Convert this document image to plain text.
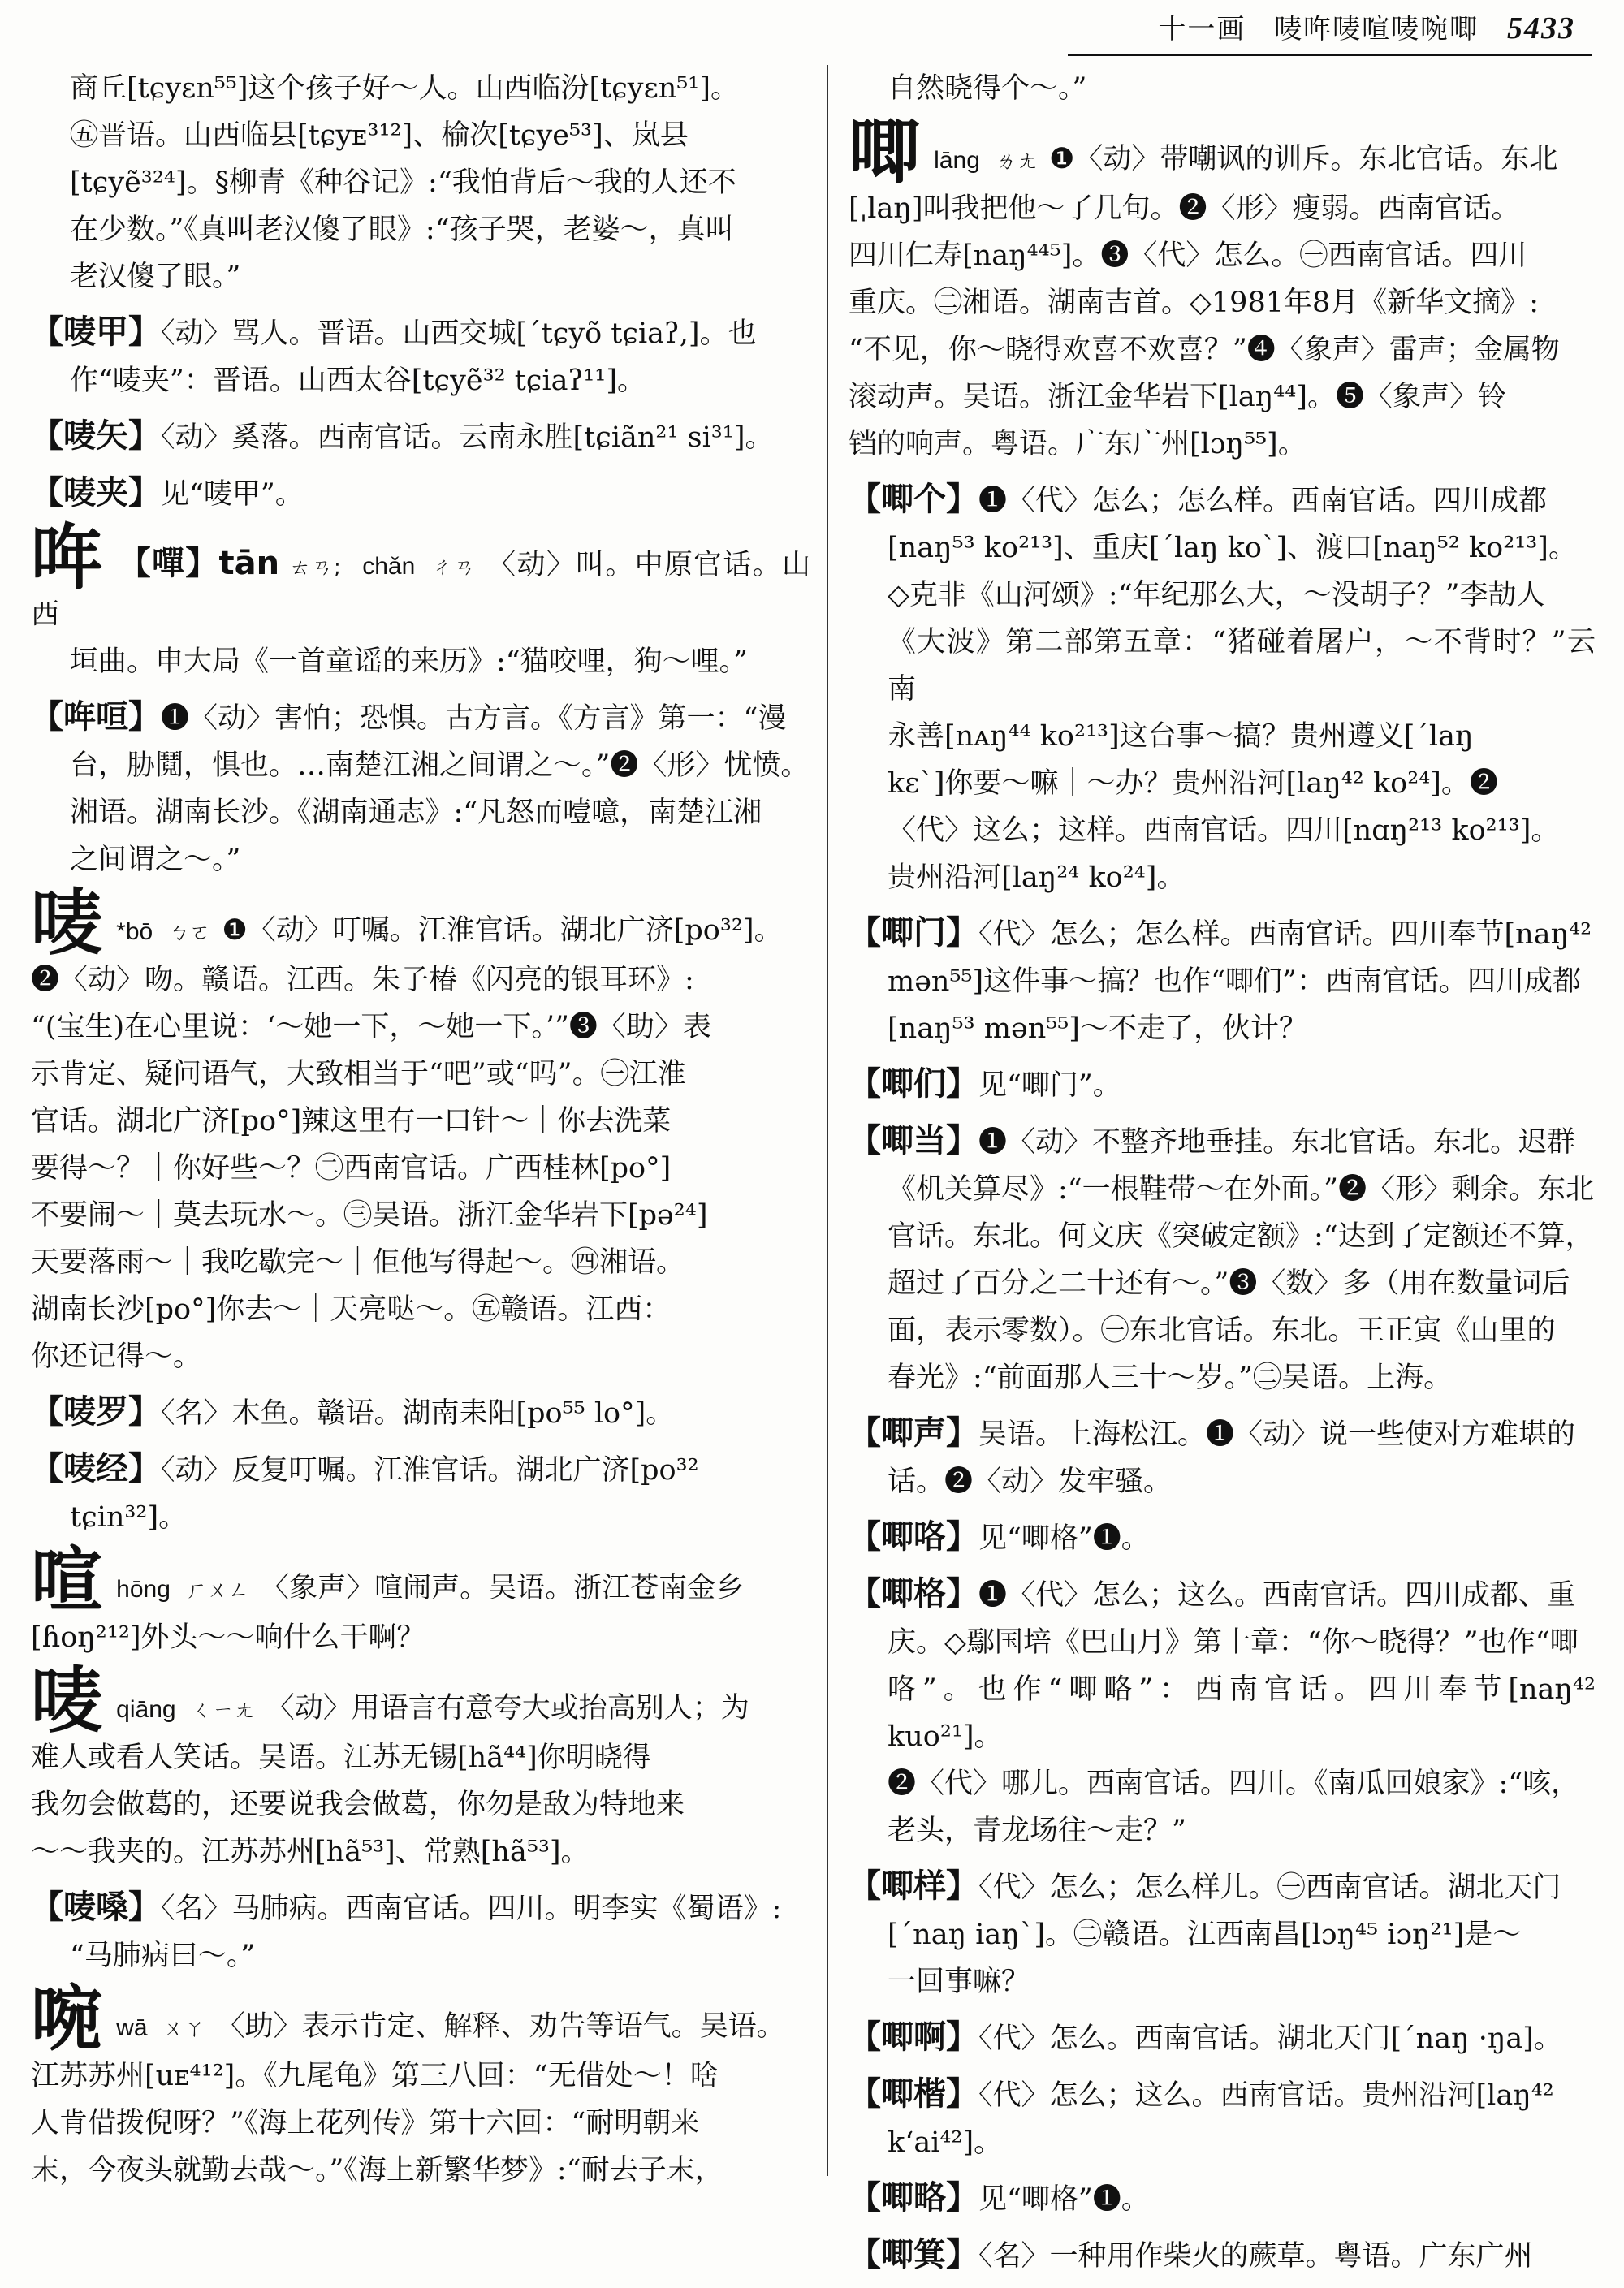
十一画 唛哖唛喧唛啘唧 5433
商丘[tɕyɛn⁵⁵]这个孩子好～人。山西临汾[tɕyɛn⁵¹]。
㊄晋语。山西临县[tɕyᴇ³¹²]、榆次[tɕye⁵³]、岚县
[tɕyẽ³²⁴]。§柳青《种谷记》:“我怕背后～我的人还不
在少数。”《真叫老汉傻了眼》:“孩子哭，老婆～，真叫
老汉傻了眼。”
【唛甲】〈动〉骂人。晋语。山西交城[ˊtɕyõ tɕiaʔ,]。也
作“唛夹”：晋语。山西太谷[tɕyẽ³² tɕiaʔ¹¹]。
【唛矢】〈动〉奚落。西南官话。云南永胜[tɕiãn²¹ si³¹]。
【唛夹】见“唛甲”。
哖 【嘽】tān ㄊㄢ; chǎn ㄔㄢ 〈动〉叫。中原官话。山西
垣曲。申大局《一首童谣的来历》:“猫咬哩，狗～哩。”
【哖咺】❶〈动〉害怕；恐惧。古方言。《方言》第一：“漫
台，胁鬩，惧也。…南楚江湘之间谓之～。”❷〈形〉忧愤。
湘语。湖南长沙。《湖南通志》:“凡怒而噎噫，南楚江湘
之间谓之～。”
唛 *bō ㄅㄛ ❶〈动〉叮嘱。江淮官话。湖北广济[po³²]。
❷〈动〉吻。赣语。江西。朱子椿《闪亮的银耳环》:
“(宝生)在心里说：‘～她一下，～她一下。’”❸〈助〉表
示肯定、疑问语气，大致相当于“吧”或“吗”。㊀江淮
官话。湖北广济[po°]辣这里有一口针～｜你去洗菜
要得～？｜你好些～？㊁西南官话。广西桂林[po°]
不要闹～｜莫去玩水～。㊂吴语。浙江金华岩下[pə²⁴]
天要落雨～｜我吃歇完～｜佢他写得起～。㊃湘语。
湖南长沙[po°]你去～｜天亮哒～。㊄赣语。江西：
你还记得～。
【唛罗】〈名〉木鱼。赣语。湖南耒阳[po⁵⁵ lo°]。
【唛经】〈动〉反复叮嘱。江淮官话。湖北广济[po³²
tɕin³²]。
喧 hōng ㄏㄨㄥ 〈象声〉喧闹声。吴语。浙江苍南金乡
[ɦoŋ²¹²]外头～～响什么干啊？
唛 qiāng ㄑㄧㄤ 〈动〉用语言有意夸大或抬高别人；为
难人或看人笑话。吴语。江苏无锡[hã⁴⁴]你明晓得
我勿会做葛的，还要说我会做葛，你勿是敌为特地来
～～我夹的。江苏苏州[hã⁵³]、常熟[hã⁵³]。
【唛嗓】〈名〉马肺病。西南官话。四川。明李实《蜀语》:
“马肺病曰～。”
啘 wā ㄨㄚ 〈助〉表示肯定、解释、劝告等语气。吴语。
江苏苏州[uᴇ⁴¹²]。《九尾龟》第三八回：“无借处～！啥
人肯借拨倪呀？”《海上花列传》第十六回：“耐明朝来
末，今夜头就勤去哉～。”《海上新繁华梦》:“耐去子末，
自然晓得个～。”
唧 lāng ㄌㄤ ❶〈动〉带嘲讽的训斥。东北官话。东北
[ˌlaŋ]叫我把他～了几句。❷〈形〉瘦弱。西南官话。
四川仁寿[naŋ⁴⁴⁵]。❸〈代〉怎么。㊀西南官话。四川
重庆。㊁湘语。湖南吉首。◇1981年8月《新华文摘》:
“不见，你～晓得欢喜不欢喜？”❹〈象声〉雷声；金属物
滚动声。吴语。浙江金华岩下[laŋ⁴⁴]。❺〈象声〉铃
铛的响声。粤语。广东广州[lɔŋ⁵⁵]。
【唧个】❶〈代〉怎么；怎么样。西南官话。四川成都
[naŋ⁵³ ko²¹³]、重庆[ˊlaŋ koˋ]、渡口[naŋ⁵² ko²¹³]。
◇克非《山河颂》:“年纪那么大，～没胡子？”李劼人
《大波》第二部第五章：“猪碰着屠户，～不背时？”云南
永善[nᴀŋ⁴⁴ ko²¹³]这台事～搞？贵州遵义[ˊlaŋ
kɛˋ]你要～嘛｜～办？贵州沿河[laŋ⁴² ko²⁴]。❷
〈代〉这么；这样。西南官话。四川[nɑŋ²¹³ ko²¹³]。
贵州沿河[laŋ²⁴ ko²⁴]。
【唧门】〈代〉怎么；怎么样。西南官话。四川奉节[naŋ⁴²
mən⁵⁵]这件事～搞？也作“唧们”：西南官话。四川成都
[naŋ⁵³ mən⁵⁵]～不走了，伙计？
【唧们】见“唧门”。
【唧当】❶〈动〉不整齐地垂挂。东北官话。东北。迟群
《机关算尽》:“一根鞋带～在外面。”❷〈形〉剩余。东北
官话。东北。何文庆《突破定额》:“达到了定额还不算，
超过了百分之二十还有～。”❸〈数〉多（用在数量词后
面，表示零数）。㊀东北官话。东北。王正寅《山里的
春光》:“前面那人三十～岁。”㊁吴语。上海。
【唧声】吴语。上海松江。❶〈动〉说一些使对方难堪的
话。❷〈动〉发牢骚。
【唧咯】见“唧格”❶。
【唧格】❶〈代〉怎么；这么。西南官话。四川成都、重
庆。◇鄢国培《巴山月》第十章：“你～晓得？”也作“唧
咯”。也作“唧略”：西南官话。四川奉节[naŋ⁴² kuo²¹]。
❷〈代〉哪儿。西南官话。四川。《南瓜回娘家》:“咳，
老头，青龙场往～走？”
【唧样】〈代〉怎么；怎么样儿。㊀西南官话。湖北天门
[ˊnaŋ iaŋˋ]。㊁赣语。江西南昌[lɔŋ⁴⁵ iɔŋ²¹]是～
一回事嘛？
【唧啊】〈代〉怎么。西南官话。湖北天门[ˊnaŋ ·ŋa]。
【唧楷】〈代〉怎么；这么。西南官话。贵州沿河[laŋ⁴²
kʻai⁴²]。
【唧略】见“唧格”❶。
【唧箕】〈名〉一种用作柴火的蕨草。粤语。广东广州
